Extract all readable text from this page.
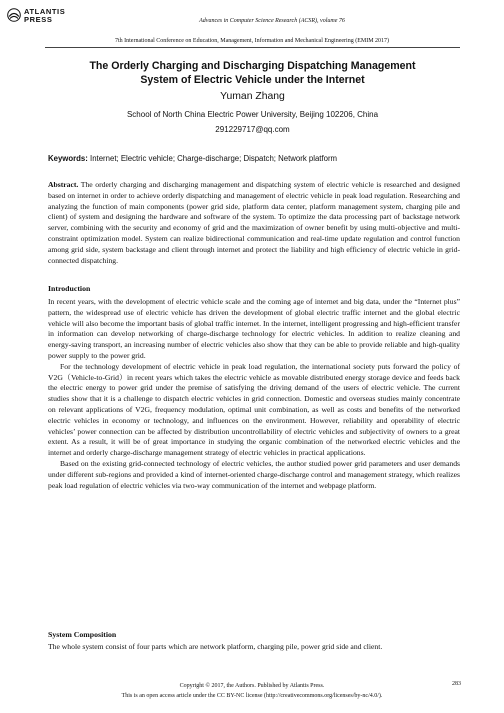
ATLANTIS
PRESS	Advances in Computer Science Research (ACSR), volume 76
7th International Conference on Education, Management, Information and Mechanical Engineering (EMIM 2017)
The Orderly Charging and Discharging Dispatching Management
System of Electric Vehicle under the Internet
Yuman Zhang
School of North China Electric Power University, Beijing 102206, China
291229717@qq.com
Keywords: Internet; Electric vehicle; Charge-discharge; Dispatch; Network platform

Abstract. The orderly charging and discharging management and dispatching system of electric vehicle is researched and designed based on internet in order to achieve orderly dispatching and management of electric vehicle in peak load regulation. Researching and analyzing the function of main components (power grid side, platform data center, platform management system, charging pile and client) of system and designing the hardware and software of the system. To optimize the data processing part of backstage network server, combining with the security and economy of grid and the maximization of owner benefit by using multi-objective and multi-constraint optimization model. System can realize bidirectional communication and real-time update regulation and control function among grid side, system backstage and client through internet and protect the liability and high efficiency of electric vehicle in grid-connected dispatching.

Introduction

In recent years, with the development of electric vehicle scale and the coming age of internet and big data, under the “Internet plus” pattern, the widespread use of electric vehicle has driven the development of global electric traffic internet and the global electric vehicle will also become the important basis of global traffic internet. In the internet, intelligent progressing and high-efficient transfer in information can develop networking of charge-discharge technology for electric vehicles. In addition to realize cleaning and energy-saving transport, an increasing number of electric vehicles also show that they can be able to provide reliable and high-quality power supply to the power grid.

For the technology development of electric vehicle in peak load regulation, the international society puts forward the policy of V2G（Vehicle-to-Grid）in recent years which takes the electric vehicle as movable distributed energy storage device and feeds back the electric energy to power grid under the premise of satisfying the driving demand of the users of electric vehicle. The current studies show that it is a challenge to dispatch electric vehicles in grid connection. Domestic and overseas studies mainly concentrate on relevant applications of V2G, frequency modulation, optimal unit combination, as well as costs and benefits of the networked electric vehicles in economy or technology, and influences on the environment. However, reliability and operability of electric vehicles’ power connection can be affected by distribution uncontrollability of electric vehicles and subjectivity of owners to a great extent. As a result, it will be of great importance in studying the organic combination of the networked electric vehicles and the internet and orderly charge-discharge management strategy of electric vehicles in practical applications.

Based on the existing grid-connected technology of electric vehicles, the author studied power grid parameters and user demands under different sub-regions and provided a kind of internet-oriented charge-discharge control and management strategy, which realizes peak load regulation of electric vehicles via two-way communication of the internet and webpage platform.

System Composition

The whole system consist of four parts which are network platform, charging pile, power grid side and client.

Copyright © 2017, the Authors. Published by Atlantis Press.	283
This is an open access article under the CC BY-NC license (http://creativecommons.org/licenses/by-nc/4.0/).
